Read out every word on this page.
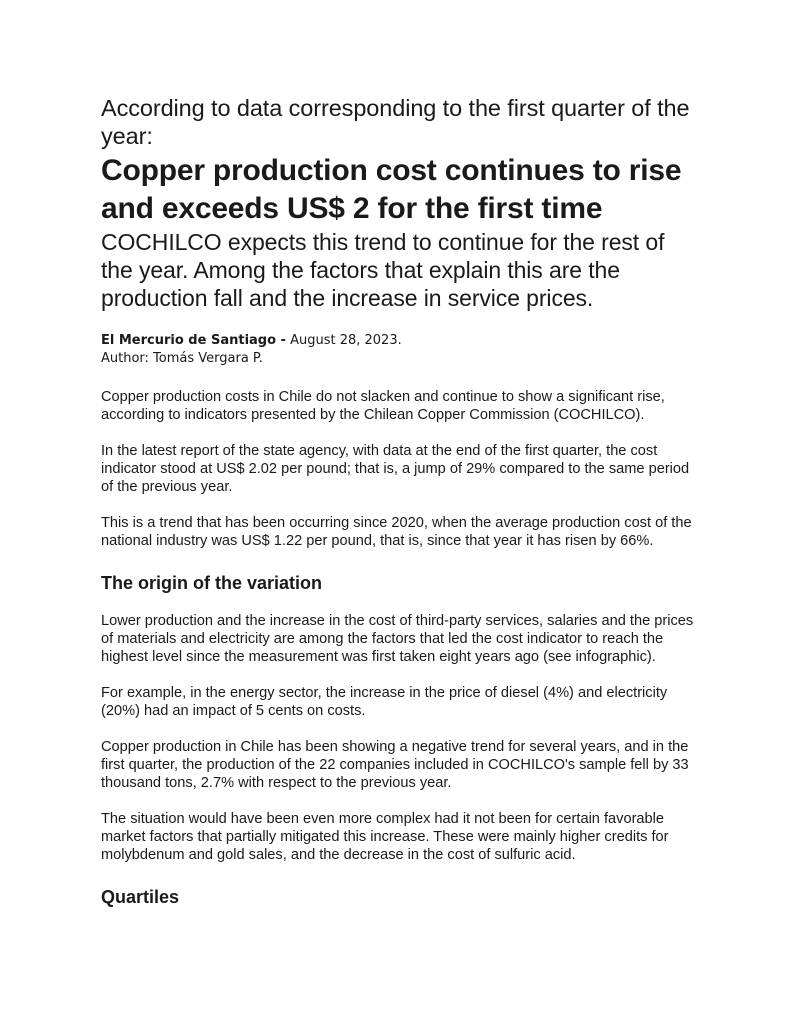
According to data corresponding to the first quarter of the year:

Copper production cost continues to rise and exceeds US$ 2 for the first time

COCHILCO expects this trend to continue for the rest of the year. Among the factors that explain this are the production fall and the increase in service prices.

El Mercurio de Santiago - August 28, 2023.
Author: Tomás Vergara P.

Copper production costs in Chile do not slacken and continue to show a significant rise, according to indicators presented by the Chilean Copper Commission (COCHILCO).

In the latest report of the state agency, with data at the end of the first quarter, the cost indicator stood at US$ 2.02 per pound; that is, a jump of 29% compared to the same period of the previous year.

This is a trend that has been occurring since 2020, when the average production cost of the national industry was US$ 1.22 per pound, that is, since that year it has risen by 66%.

The origin of the variation

Lower production and the increase in the cost of third-party services, salaries and the prices of materials and electricity are among the factors that led the cost indicator to reach the highest level since the measurement was first taken eight years ago (see infographic).

For example, in the energy sector, the increase in the price of diesel (4%) and electricity (20%) had an impact of 5 cents on costs.

Copper production in Chile has been showing a negative trend for several years, and in the first quarter, the production of the 22 companies included in COCHILCO's sample fell by 33 thousand tons, 2.7% with respect to the previous year.

The situation would have been even more complex had it not been for certain favorable market factors that partially mitigated this increase. These were mainly higher credits for molybdenum and gold sales, and the decrease in the cost of sulfuric acid.

Quartiles
